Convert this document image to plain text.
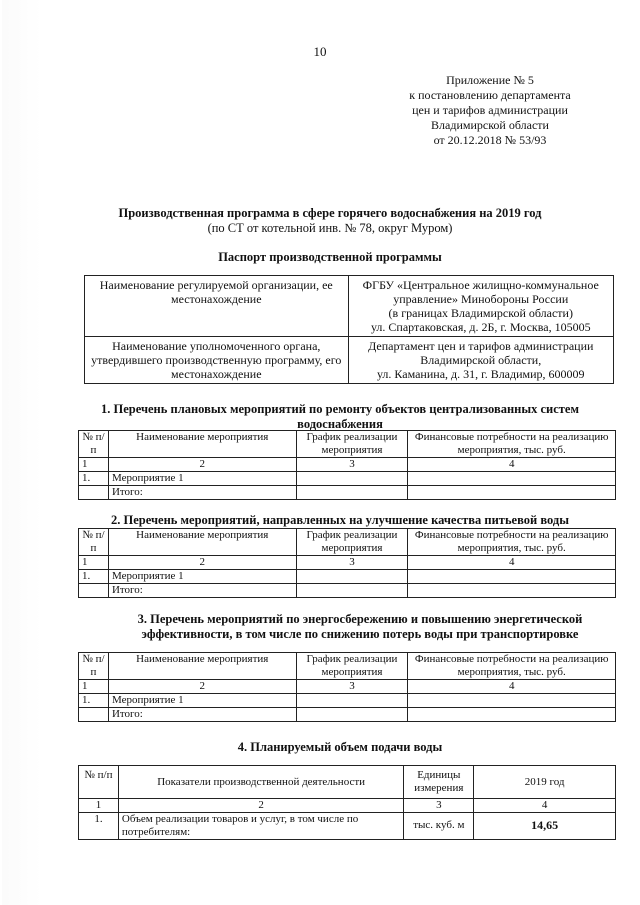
10
Приложение № 5
к постановлению департамента
цен и тарифов администрации
Владимирской области
от 20.12.2018 № 53/93
Производственная программа в сфере горячего водоснабжения на 2019 год
(по СТ от котельной инв. № 78, округ Муром)
Паспорт производственной программы
Наименование регулируемой организации, ее местонахождение	ФГБУ «Центральное жилищно-коммунальное
управление» Минобороны России
(в границах Владимирской области)
ул. Спартаковская, д. 2Б, г. Москва, 105005

Наименование уполномоченного органа, утвердившего производственную программу, его местонахождение	Департамент цен и тарифов администрации
Владимирской области,
ул. Каманина, д. 31, г. Владимир, 600009
1. Перечень плановых мероприятий по ремонту объектов централизованных систем водоснабжения
№ п/п	Наименование мероприятия	График реализации мероприятия	Финансовые потребности на реализацию мероприятия, тыс. руб.
1	2	3	4
1.	Мероприятие 1		
	Итого:		
2. Перечень мероприятий, направленных на улучшение качества питьевой воды
№ п/п	Наименование мероприятия	График реализации мероприятия	Финансовые потребности на реализацию мероприятия, тыс. руб.
1	2	3	4
1.	Мероприятие 1		
	Итого:		
3. Перечень мероприятий по энергосбережению и повышению энергетической эффективности, в том числе по снижению потерь воды при транспортировке
№ п/п	Наименование мероприятия	График реализации мероприятия	Финансовые потребности на реализацию мероприятия, тыс. руб.
1	2	3	4
1.	Мероприятие 1		
	Итого:		
4. Планируемый объем подачи воды
№ п/п	Показатели производственной деятельности	Единицы измерения	2019 год
1	2	3	4
1.	Объем реализации товаров и услуг, в том числе по потребителям:	тыс. куб. м	14,65
